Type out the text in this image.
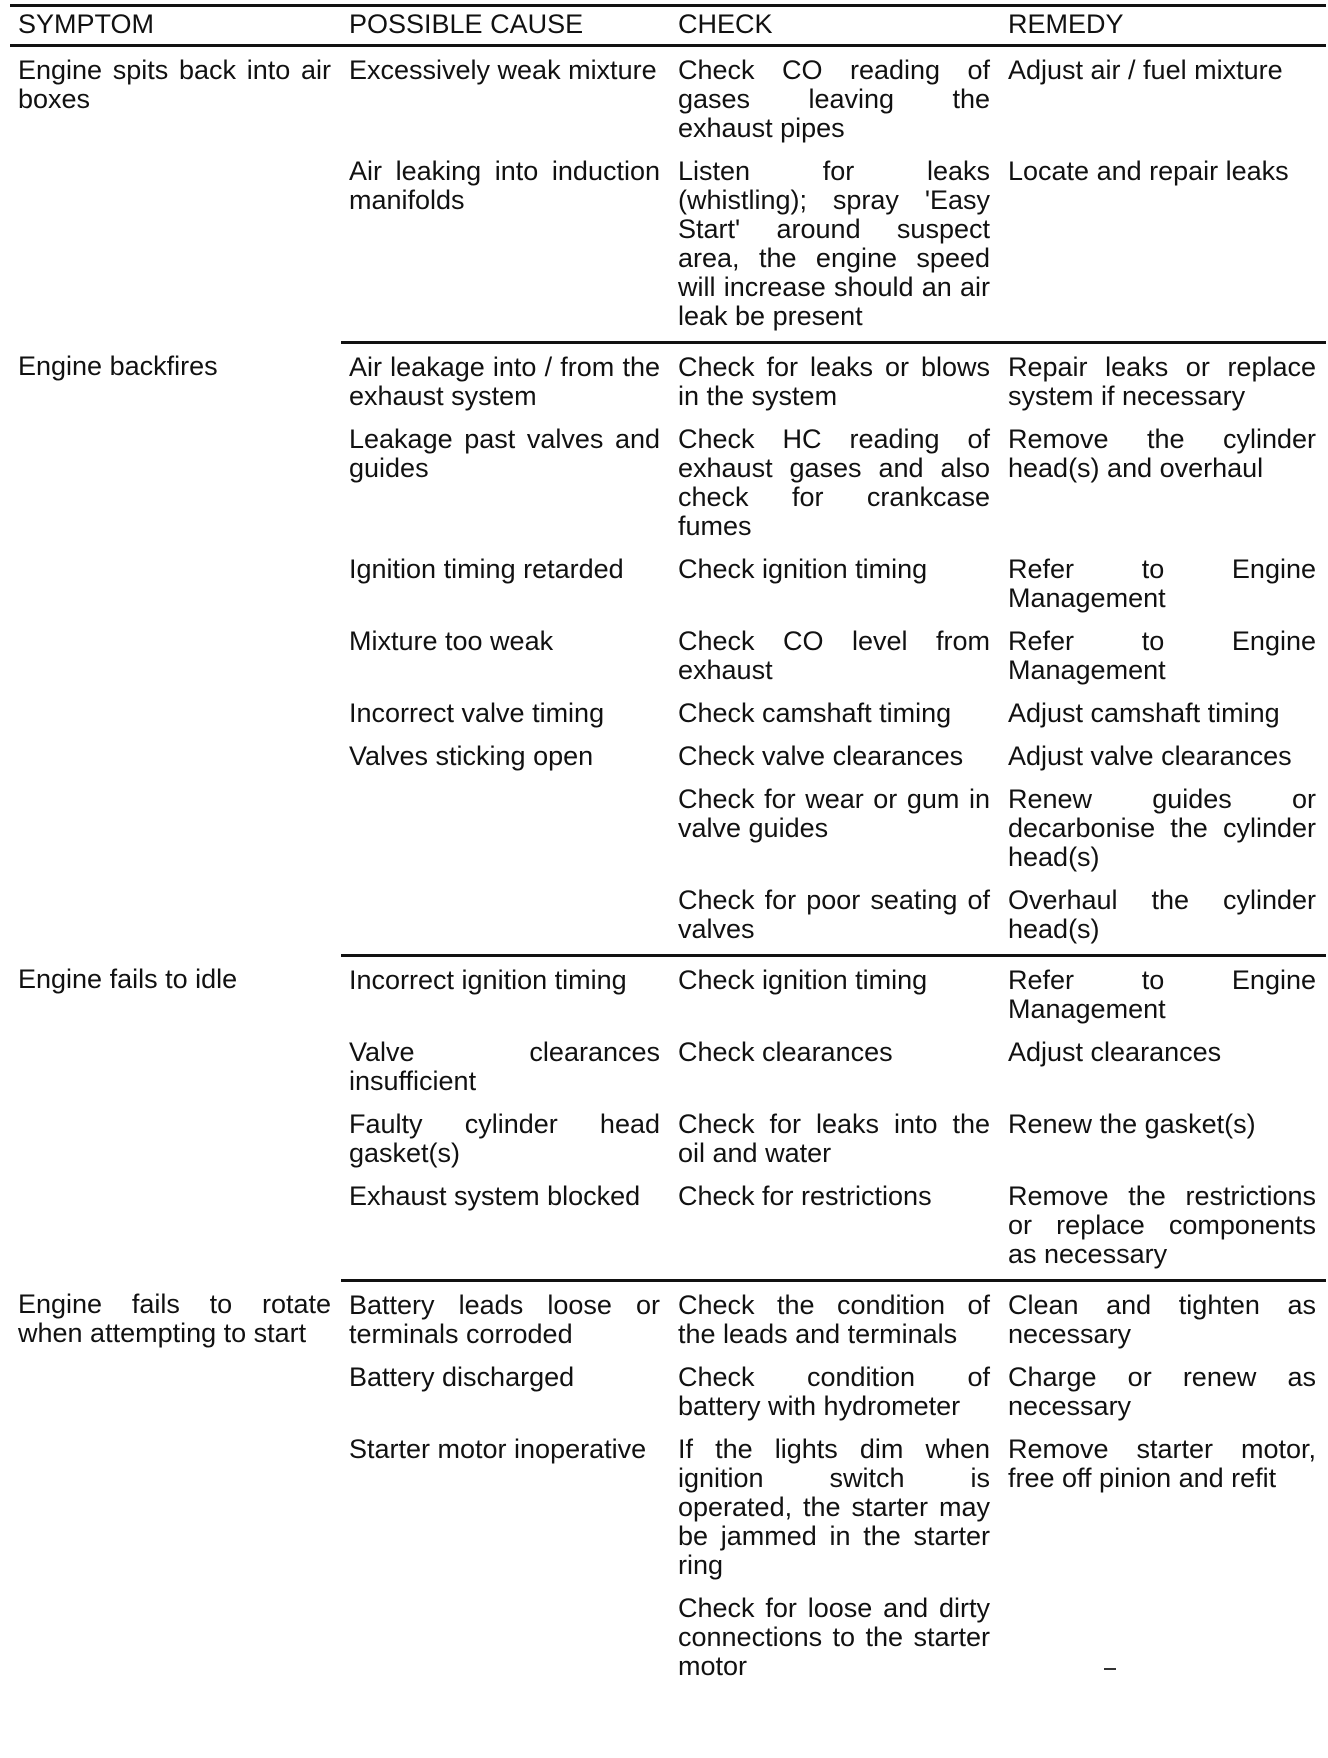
SYMPTOM	POSSIBLE CAUSE	CHECK	REMEDY
Engine spits back into air boxes	Excessively weak mixture	Check CO reading of gases leaving the exhaust pipes	Adjust air / fuel mixture
	Air leaking into induction manifolds	Listen for leaks (whistling); spray 'Easy Start' around suspect area, the engine speed will increase should an air leak be present	Locate and repair leaks
Engine backfires	Air leakage into / from the exhaust system	Check for leaks or blows in the system	Repair leaks or replace system if necessary
	Leakage past valves and guides	Check HC reading of exhaust gases and also check for crankcase fumes	Remove the cylinder head(s) and overhaul
	Ignition timing retarded	Check ignition timing	Refer to Engine Management
	Mixture too weak	Check CO level from exhaust	Refer to Engine Management
	Incorrect valve timing	Check camshaft timing	Adjust camshaft timing
	Valves sticking open	Check valve clearances	Adjust valve clearances
		Check for wear or gum in valve guides	Renew guides or decarbonise the cylinder head(s)
		Check for poor seating of valves	Overhaul the cylinder head(s)
Engine fails to idle	Incorrect ignition timing	Check ignition timing	Refer to Engine Management
	Valve clearances insufficient	Check clearances	Adjust clearances
	Faulty cylinder head gasket(s)	Check for leaks into the oil and water	Renew the gasket(s)
	Exhaust system blocked	Check for restrictions	Remove the restrictions or replace components as necessary
Engine fails to rotate when attempting to start	Battery leads loose or terminals corroded	Check the condition of the leads and terminals	Clean and tighten as necessary
	Battery discharged	Check condition of battery with hydrometer	Charge or renew as necessary
	Starter motor inoperative	If the lights dim when ignition switch is operated, the starter may be jammed in the starter ring	Remove starter motor, free off pinion and refit
		Check for loose and dirty connections to the starter motor	
